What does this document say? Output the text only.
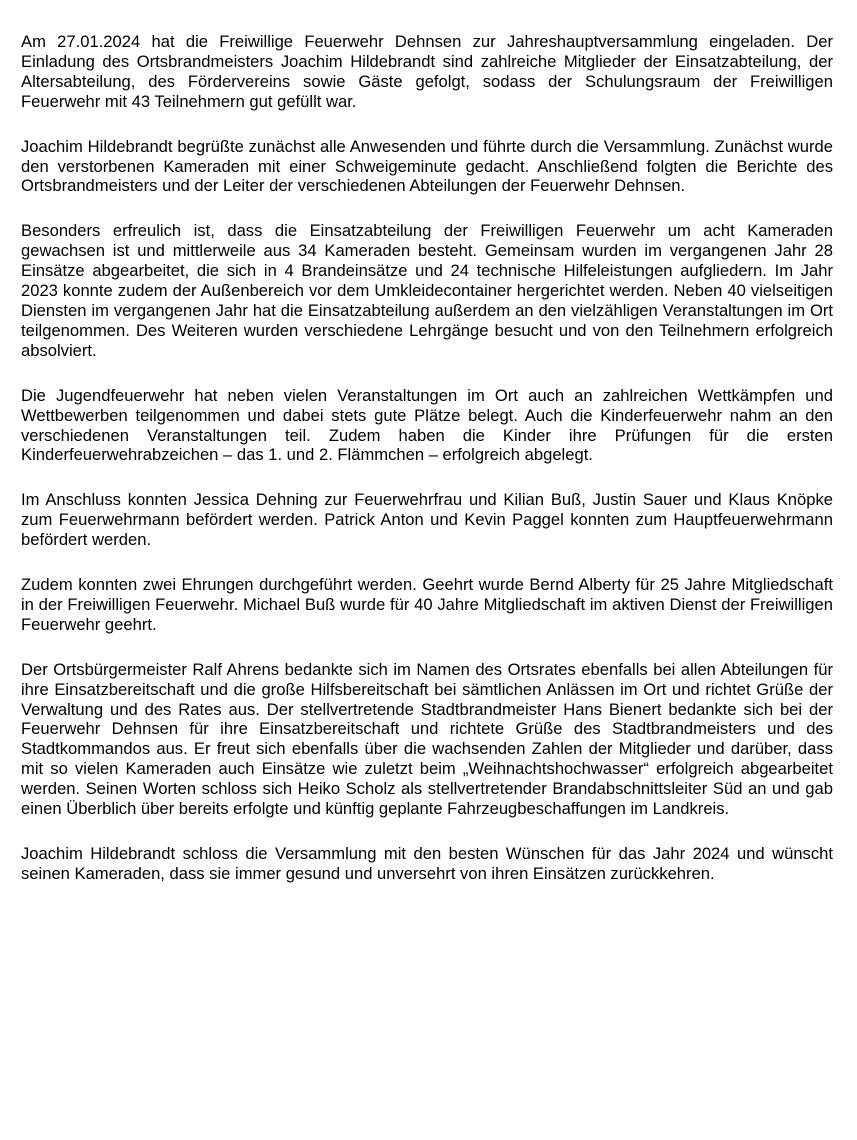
Am 27.01.2024 hat die Freiwillige Feuerwehr Dehnsen zur Jahreshauptversammlung eingeladen. Der Einladung des Ortsbrandmeisters Joachim Hildebrandt sind zahlreiche Mitglieder der Einsatzabteilung, der Altersabteilung, des Fördervereins sowie Gäste gefolgt, sodass der Schulungsraum der Freiwilligen Feuerwehr mit 43 Teilnehmern gut gefüllt war.

Joachim Hildebrandt begrüßte zunächst alle Anwesenden und führte durch die Versammlung. Zunächst wurde den verstorbenen Kameraden mit einer Schweigeminute gedacht. Anschließend folgten die Berichte des Ortsbrandmeisters und der Leiter der verschiedenen Abteilungen der Feuerwehr Dehnsen.

Besonders erfreulich ist, dass die Einsatzabteilung der Freiwilligen Feuerwehr um acht Kameraden gewachsen ist und mittlerweile aus 34 Kameraden besteht. Gemeinsam wurden im vergangenen Jahr 28 Einsätze abgearbeitet, die sich in 4 Brandeinsätze und 24 technische Hilfeleistungen aufgliedern. Im Jahr 2023 konnte zudem der Außenbereich vor dem Umkleidecontainer hergerichtet werden. Neben 40 vielseitigen Diensten im vergangenen Jahr hat die Einsatzabteilung außerdem an den vielzähligen Veranstaltungen im Ort teilgenommen. Des Weiteren wurden verschiedene Lehrgänge besucht und von den Teilnehmern erfolgreich absolviert.

Die Jugendfeuerwehr hat neben vielen Veranstaltungen im Ort auch an zahlreichen Wettkämpfen und Wettbewerben teilgenommen und dabei stets gute Plätze belegt. Auch die Kinderfeuerwehr nahm an den verschiedenen Veranstaltungen teil. Zudem haben die Kinder ihre Prüfungen für die ersten Kinderfeuerwehrabzeichen – das 1. und 2. Flämmchen – erfolgreich abgelegt.

Im Anschluss konnten Jessica Dehning zur Feuerwehrfrau und Kilian Buß, Justin Sauer und Klaus Knöpke zum Feuerwehrmann befördert werden. Patrick Anton und Kevin Paggel konnten zum Hauptfeuerwehrmann befördert werden.

Zudem konnten zwei Ehrungen durchgeführt werden. Geehrt wurde Bernd Alberty für 25 Jahre Mitgliedschaft in der Freiwilligen Feuerwehr. Michael Buß wurde für 40 Jahre Mitgliedschaft im aktiven Dienst der Freiwilligen Feuerwehr geehrt.

Der Ortsbürgermeister Ralf Ahrens bedankte sich im Namen des Ortsrates ebenfalls bei allen Abteilungen für ihre Einsatzbereitschaft und die große Hilfsbereitschaft bei sämtlichen Anlässen im Ort und richtet Grüße der Verwaltung und des Rates aus. Der stellvertretende Stadtbrandmeister Hans Bienert bedankte sich bei der Feuerwehr Dehnsen für ihre Einsatzbereitschaft und richtete Grüße des Stadtbrandmeisters und des Stadtkommandos aus. Er freut sich ebenfalls über die wachsenden Zahlen der Mitglieder und darüber, dass mit so vielen Kameraden auch Einsätze wie zuletzt beim „Weihnachtshochwasser“ erfolgreich abgearbeitet werden. Seinen Worten schloss sich Heiko Scholz als stellvertretender Brandabschnittsleiter Süd an und gab einen Überblich über bereits erfolgte und künftig geplante Fahrzeugbeschaffungen im Landkreis.

Joachim Hildebrandt schloss die Versammlung mit den besten Wünschen für das Jahr 2024 und wünscht seinen Kameraden, dass sie immer gesund und unversehrt von ihren Einsätzen zurückkehren.
